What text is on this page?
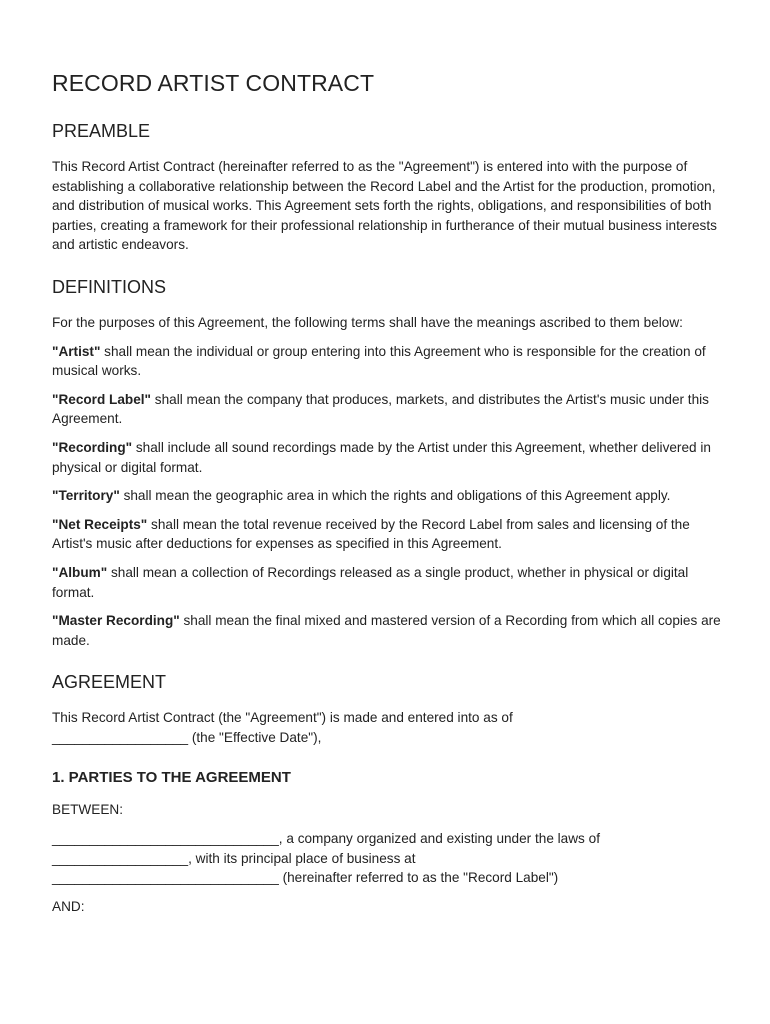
RECORD ARTIST CONTRACT
PREAMBLE

This Record Artist Contract (hereinafter referred to as the "Agreement") is entered into with the purpose of establishing a collaborative relationship between the Record Label and the Artist for the production, promotion, and distribution of musical works. This Agreement sets forth the rights, obligations, and responsibilities of both parties, creating a framework for their professional relationship in furtherance of their mutual business interests and artistic endeavors.

DEFINITIONS

For the purposes of this Agreement, the following terms shall have the meanings ascribed to them below:

"Artist" shall mean the individual or group entering into this Agreement who is responsible for the creation of musical works.

"Record Label" shall mean the company that produces, markets, and distributes the Artist's music under this Agreement.

"Recording" shall include all sound recordings made by the Artist under this Agreement, whether delivered in physical or digital format.

"Territory" shall mean the geographic area in which the rights and obligations of this Agreement apply.

"Net Receipts" shall mean the total revenue received by the Record Label from sales and licensing of the Artist's music after deductions for expenses as specified in this Agreement.

"Album" shall mean a collection of Recordings released as a single product, whether in physical or digital format.

"Master Recording" shall mean the final mixed and mastered version of a Recording from which all copies are made.

AGREEMENT

This Record Artist Contract (the "Agreement") is made and entered into as of
__________________ (the "Effective Date"),

1. PARTIES TO THE AGREEMENT

BETWEEN:

______________________________, a company organized and existing under the laws of
__________________, with its principal place of business at
______________________________ (hereinafter referred to as the "Record Label")

AND:
